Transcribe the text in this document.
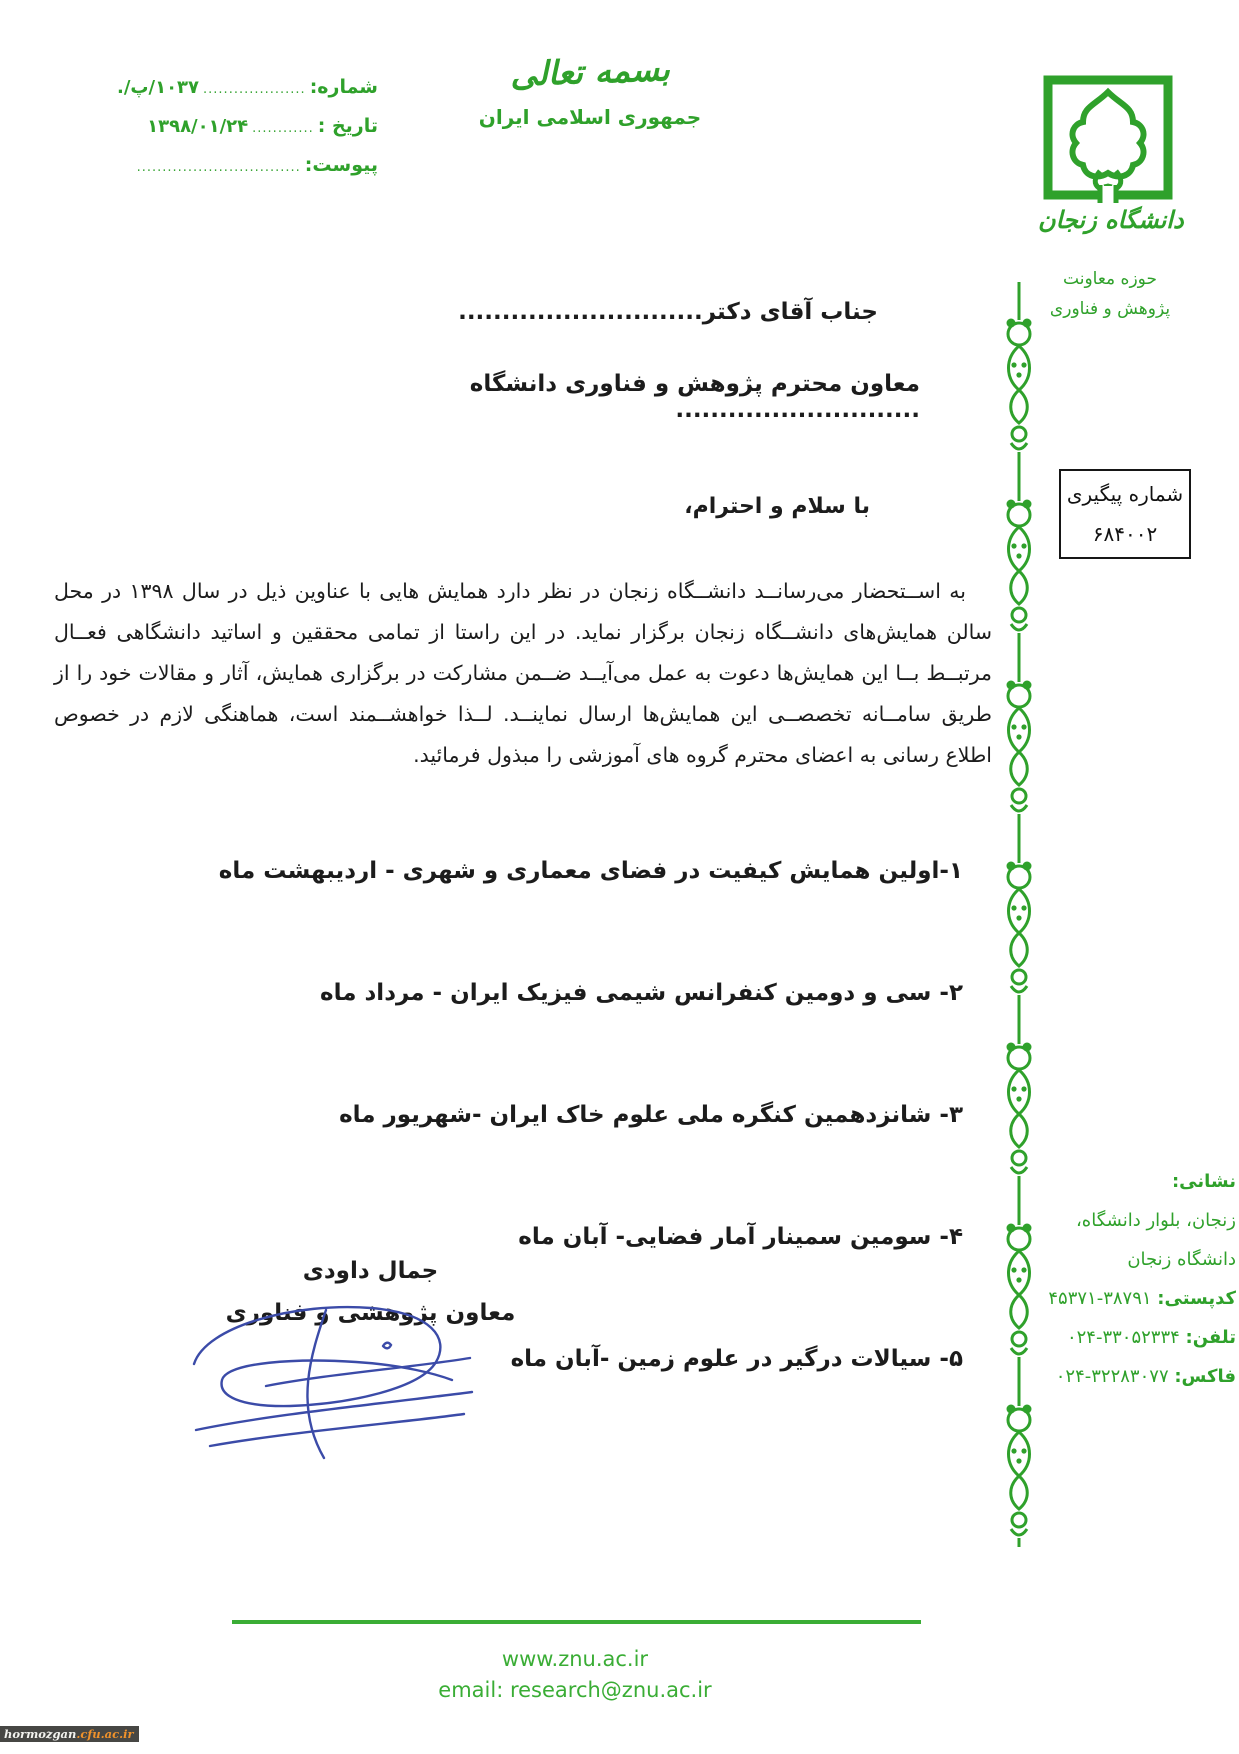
شماره:
....................
۱۰۳۷/پ/.
تاریخ :
............
۱۳۹۸/۰۱/۲۴
پیوست:
................................
بسمه تعالی
جمهوری اسلامی ایران
دانشگاه زنجان
حوزه معاونت
پژوهش و فناوری
شماره پیگیری
۶۸۴۰۰۲
جناب آقای دکتر............................
معاون محترم پژوهش و فناوری دانشگاه ............................
با سلام و احترام،
به اســتحضار می‌رسانــد دانشــگاه زنجان در نظر دارد همایش هایی با عناوین ذیل در سال ۱۳۹۸ در محل سالن همایش‌های دانشــگاه زنجان برگزار نماید. در این راستا از تمامی محققین و اساتید دانشگاهی فعــال مرتبــط بــا این همایش‌ها دعوت به عمل می‌آیــد ضــمن مشارکت در برگزاری همایش، آثار و مقالات خود را از طریق سامــانه تخصصــی این همایش‌ها ارسال نماینــد. لــذا خواهشــمند است، هماهنگی لازم در خصوص اطلاع رسانی به اعضای محترم گروه های آموزشی را مبذول فرمائید.
۱-اولین همایش کیفیت در فضای معماری و شهری - اردیبهشت ماه
۲- سی و دومین کنفرانس شیمی فیزیک ایران - مرداد ماه
۳- شانزدهمین کنگره ملی علوم خاک ایران -شهریور ماه
۴- سومین سمینار آمار فضایی- آبان ماه
۵- سیالات درگیر در علوم زمین -آبان ماه
جمال داودی
معاون پژوهشی و فناوری
نشانی:
زنجان، بلوار دانشگاه،
دانشگاه زنجان
کدپستی: ۴۵۳۷۱-۳۸۷۹۱
تلفن: ۰۲۴-۳۳۰۵۲۳۳۴
فاکس: ۰۲۴-۳۲۲۸۳۰۷۷
www.znu.ac.ir
email: research@znu.ac.ir
hormozgan .cfu.ac.ir
